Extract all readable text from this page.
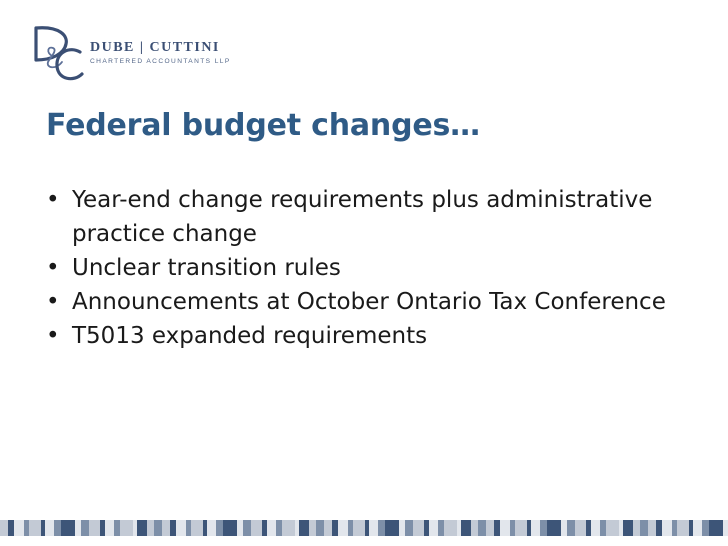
DUBE | CUTTINI
CHARTERED ACCOUNTANTS LLP
Federal budget changes…
• Year-end change requirements plus administrative practice change
• Unclear transition rules
• Announcements at October Ontario Tax Conference
• T5013 expanded requirements
